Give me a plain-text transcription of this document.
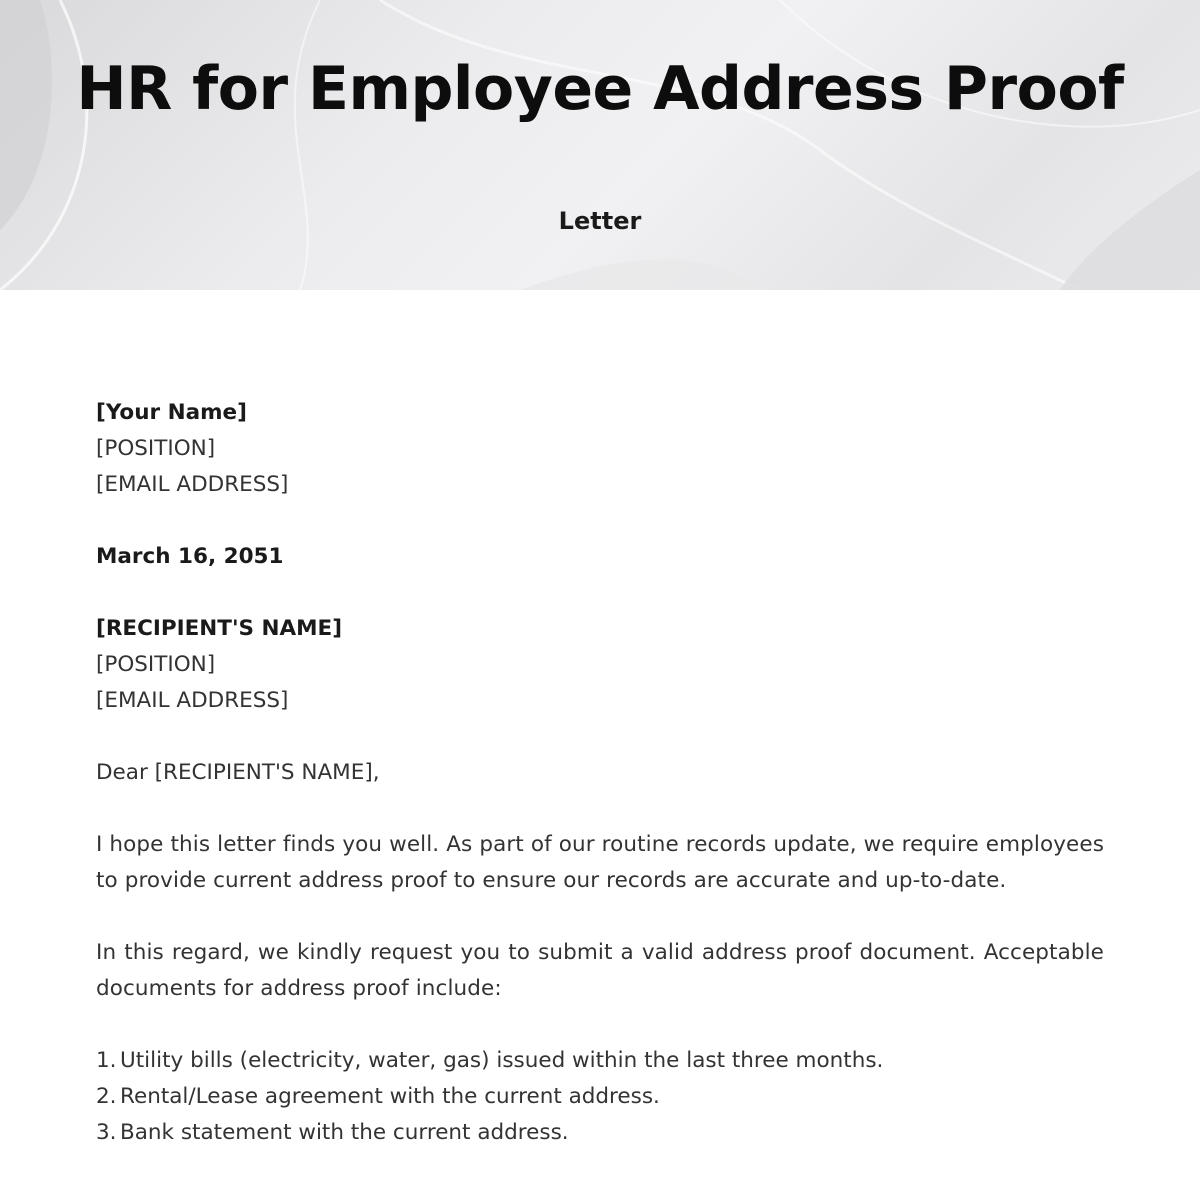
HR for Employee Address Proof
Letter
[Your Name]
[POSITION]
[EMAIL ADDRESS]
March 16, 2051
[RECIPIENT'S NAME]
[POSITION]
[EMAIL ADDRESS]
Dear [RECIPIENT'S NAME],
I hope this letter finds you well. As part of our routine records update, we require employees to provide current address proof to ensure our records are accurate and up-to-date.
In this regard, we kindly request you to submit a valid address proof document. Acceptable documents for address proof include:
1. Utility bills (electricity, water, gas) issued within the last three months.
2. Rental/Lease agreement with the current address.
3. Bank statement with the current address.
